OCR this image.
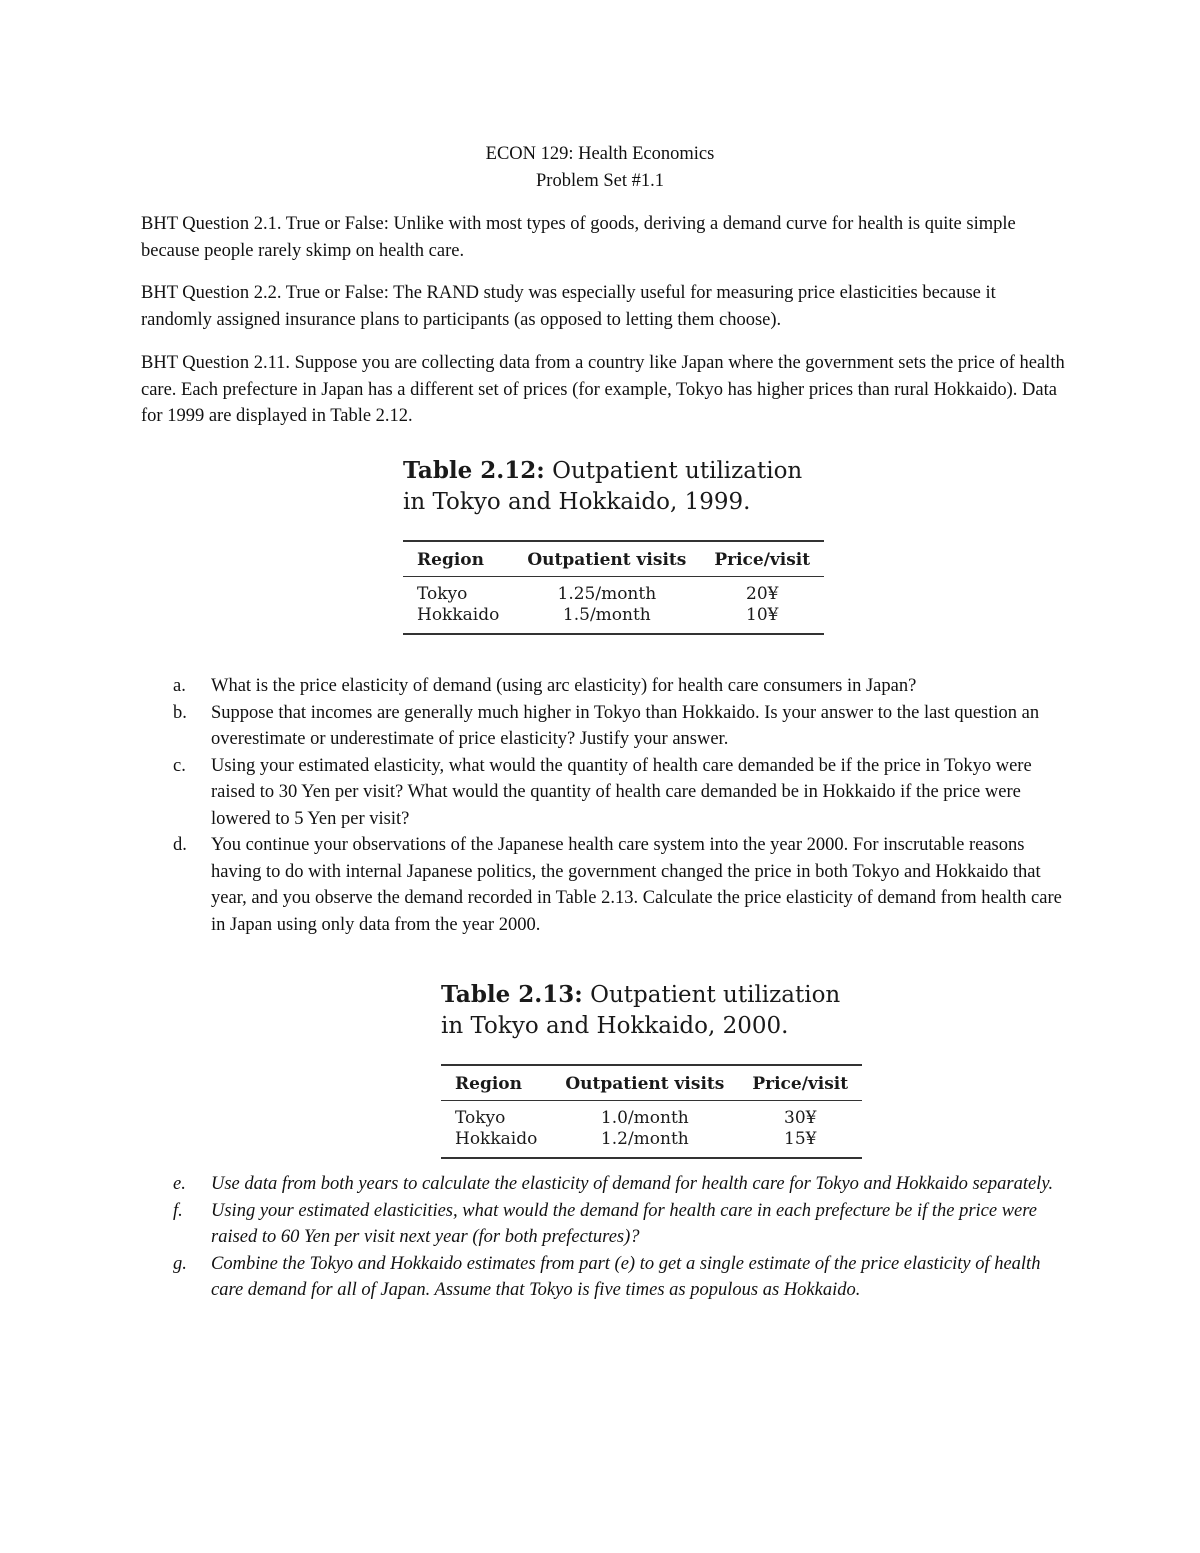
ECON 129: Health Economics
Problem Set #1.1

BHT Question 2.1. True or False: Unlike with most types of goods, deriving a demand curve for health is quite simple because people rarely skimp on health care.

BHT Question 2.2. True or False: The RAND study was especially useful for measuring price elasticities because it randomly assigned insurance plans to participants (as opposed to letting them choose).

BHT Question 2.11. Suppose you are collecting data from a country like Japan where the government sets the price of health care. Each prefecture in Japan has a different set of prices (for example, Tokyo has higher prices than rural Hokkaido). Data for 1999 are displayed in Table 2.12.

Table 2.12: Outpatient utilization
in Tokyo and Hokkaido, 1999.
Region	Outpatient visits	Price/visit
Tokyo	1.25/month	20¥
Hokkaido	1.5/month	10¥
a. What is the price elasticity of demand (using arc elasticity) for health care consumers in Japan?
b. Suppose that incomes are generally much higher in Tokyo than Hokkaido. Is your answer to the last question an overestimate or underestimate of price elasticity? Justify your answer.
c. Using your estimated elasticity, what would the quantity of health care demanded be if the price in Tokyo were raised to 30 Yen per visit? What would the quantity of health care demanded be in Hokkaido if the price were lowered to 5 Yen per visit?
d. You continue your observations of the Japanese health care system into the year 2000. For inscrutable reasons having to do with internal Japanese politics, the government changed the price in both Tokyo and Hokkaido that year, and you observe the demand recorded in Table 2.13. Calculate the price elasticity of demand from health care in Japan using only data from the year 2000.
Table 2.13: Outpatient utilization
in Tokyo and Hokkaido, 2000.
Region	Outpatient visits	Price/visit
Tokyo	1.0/month	30¥
Hokkaido	1.2/month	15¥
e. Use data from both years to calculate the elasticity of demand for health care for Tokyo and Hokkaido separately.
f. Using your estimated elasticities, what would the demand for health care in each prefecture be if the price were raised to 60 Yen per visit next year (for both prefectures)?
g. Combine the Tokyo and Hokkaido estimates from part (e) to get a single estimate of the price elasticity of health care demand for all of Japan. Assume that Tokyo is five times as populous as Hokkaido.
